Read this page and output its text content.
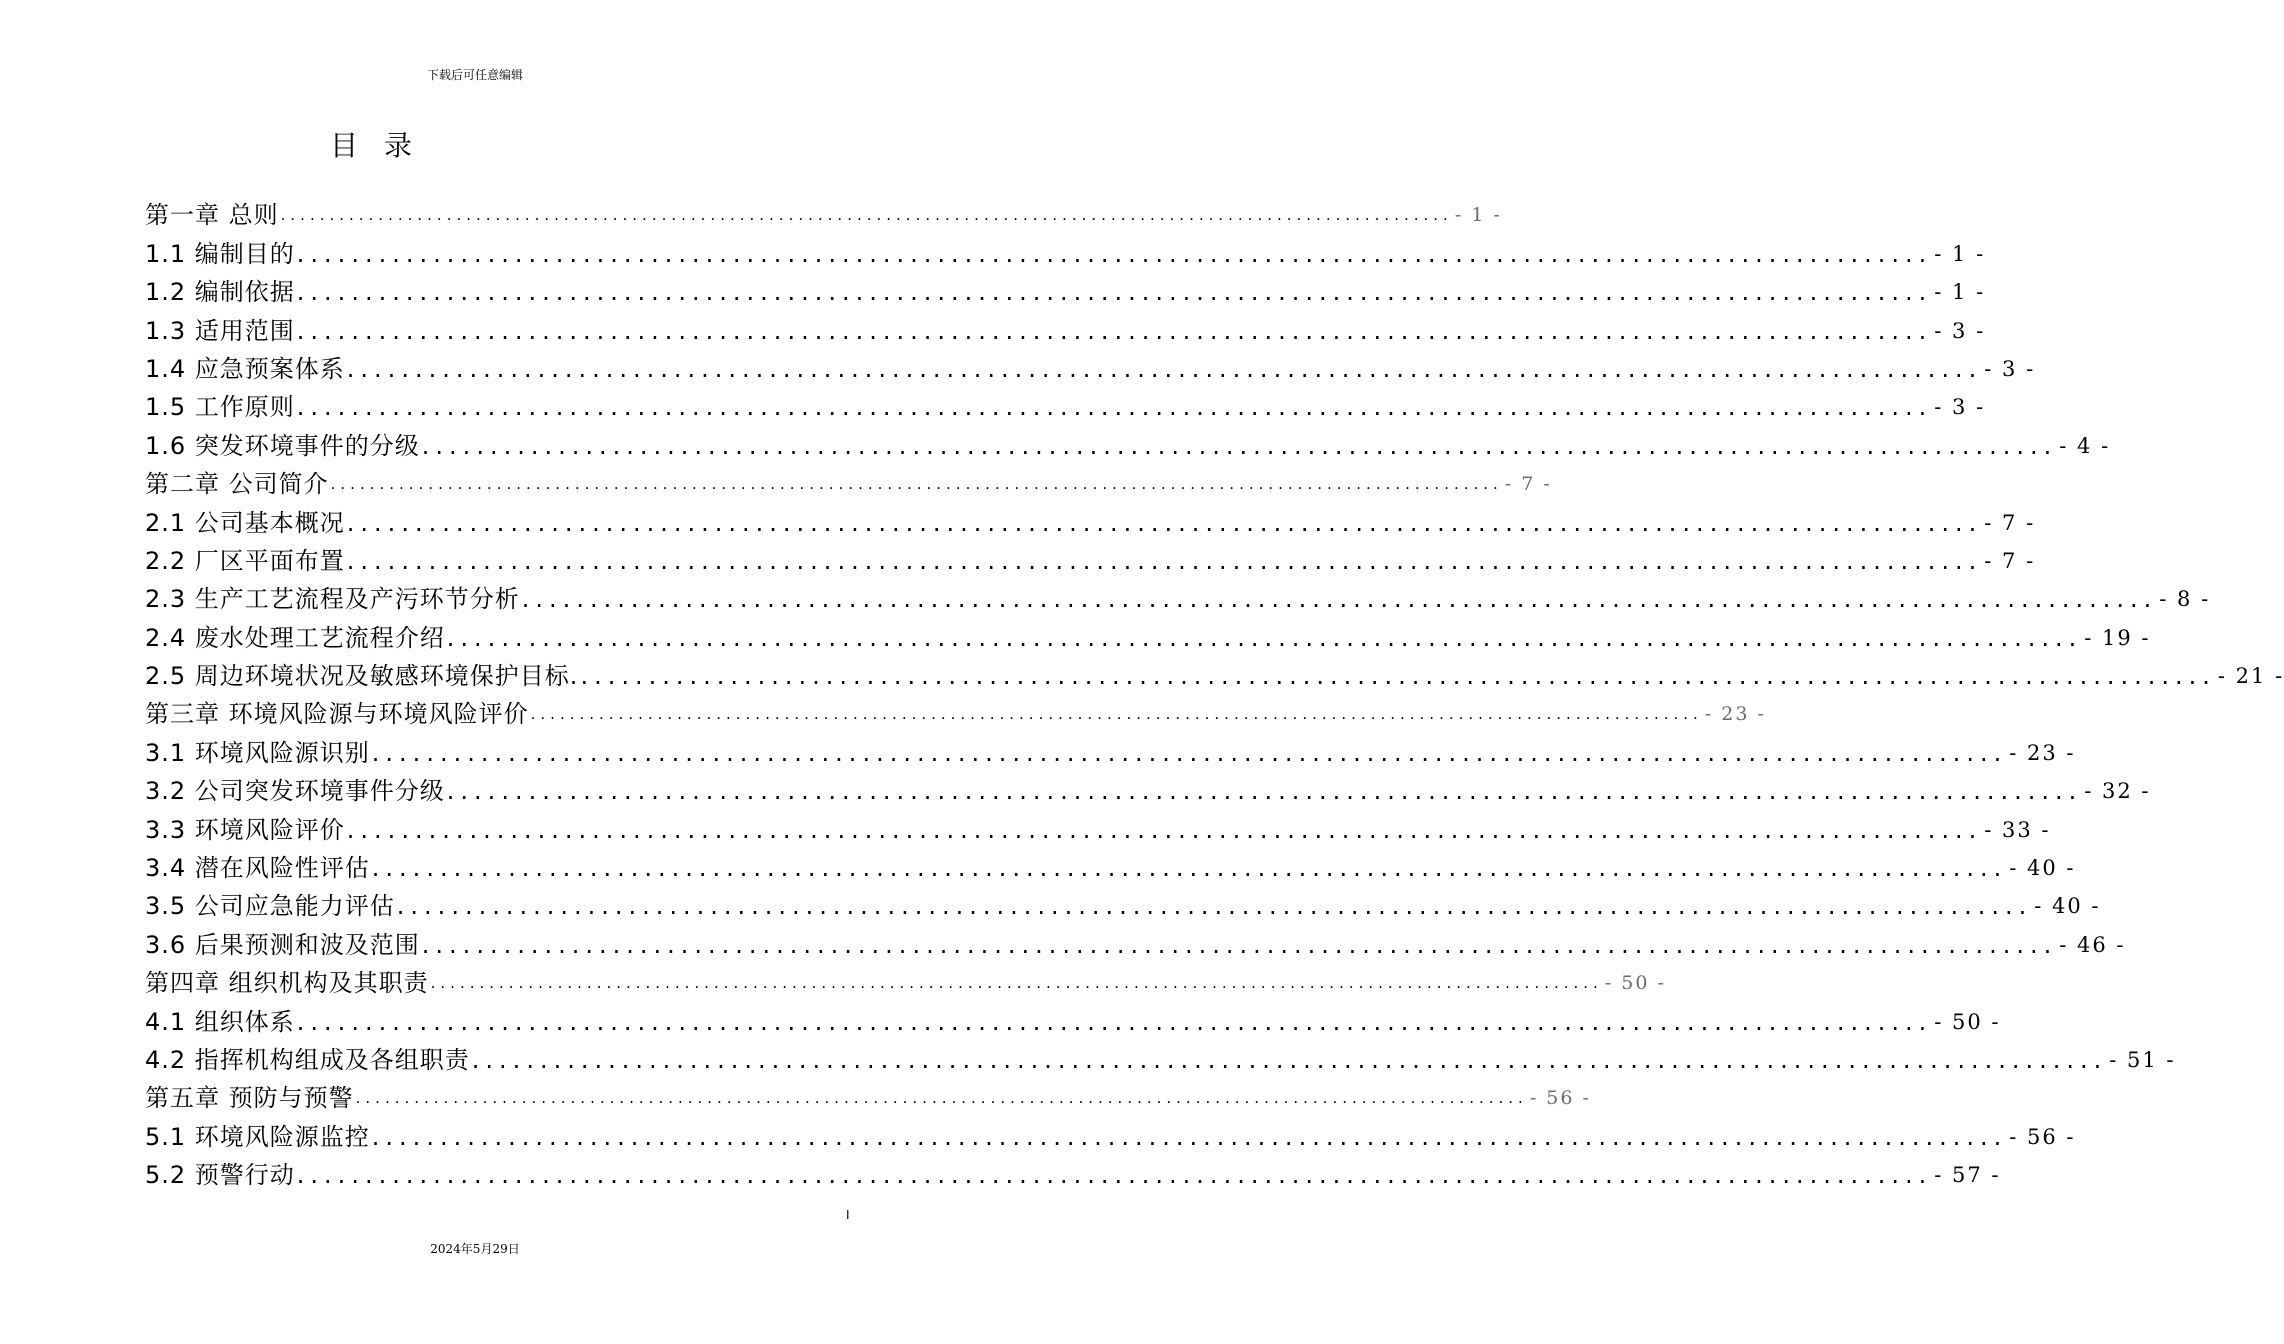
下载后可任意编辑
目录
第一章 总则 ........................................................................................................................ - 1 -
1.1 编制目的 ........................................................................................................................ - 1 -
1.2 编制依据 ........................................................................................................................ - 1 -
1.3 适用范围 ........................................................................................................................ - 3 -
1.4 应急预案体系 ........................................................................................................................ - 3 -
1.5 工作原则 ........................................................................................................................ - 3 -
1.6 突发环境事件的分级 ........................................................................................................................ - 4 -
第二章 公司简介 ........................................................................................................................ - 7 -
2.1 公司基本概况 ........................................................................................................................ - 7 -
2.2 厂区平面布置 ........................................................................................................................ - 7 -
2.3 生产工艺流程及产污环节分析 ........................................................................................................................ - 8 -
2.4 废水处理工艺流程介绍 ........................................................................................................................ - 19 -
2.5 周边环境状况及敏感环境保护目标. ........................................................................................................................ - 21 -
第三章 环境风险源与环境风险评价 ........................................................................................................................ - 23 -
3.1 环境风险源识别 ........................................................................................................................ - 23 -
3.2 公司突发环境事件分级 ........................................................................................................................ - 32 -
3.3 环境风险评价 ........................................................................................................................ - 33 -
3.4 潜在风险性评估 ........................................................................................................................ - 40 -
3.5 公司应急能力评估 ........................................................................................................................ - 40 -
3.6 后果预测和波及范围 ........................................................................................................................ - 46 -
第四章 组织机构及其职责 ........................................................................................................................ - 50 -
4.1 组织体系 ........................................................................................................................ - 50 -
4.2 指挥机构组成及各组职责 ........................................................................................................................ - 51 -
第五章 预防与预警 ........................................................................................................................ - 56 -
5.1 环境风险源监控 ........................................................................................................................ - 56 -
5.2 预警行动 ........................................................................................................................ - 57 -
I
2024年5月29日
